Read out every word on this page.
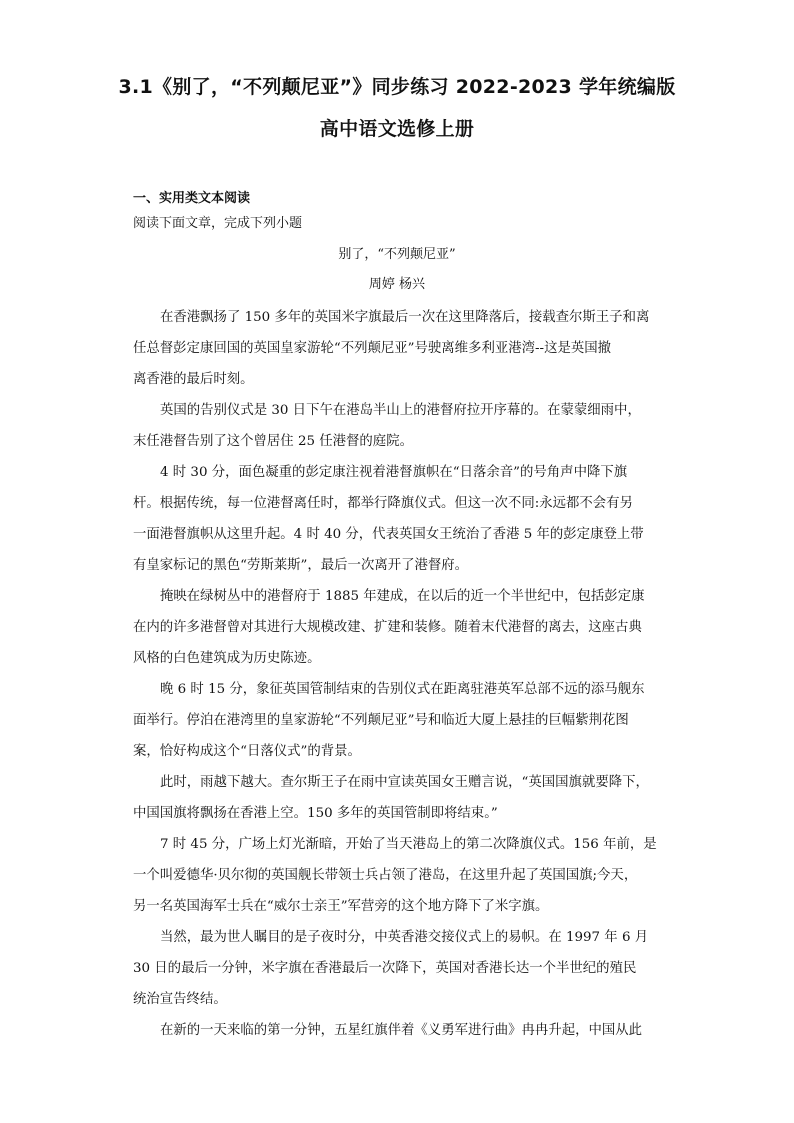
3.1《别了，“不列颠尼亚”》同步练习 2022-2023 学年统编版
高中语文选修上册
一、实用类文本阅读
阅读下面文章，完成下列小题
别了，“不列颠尼亚”
周婷 杨兴
在香港飘扬了 150 多年的英国米字旗最后一次在这里降落后，接载查尔斯王子和离
任总督彭定康回国的英国皇家游轮“不列颠尼亚”号驶离维多利亚港湾--这是英国撤
离香港的最后时刻。
英国的告别仪式是 30 日下午在港岛半山上的港督府拉开序幕的。在蒙蒙细雨中，
末任港督告别了这个曾居住 25 任港督的庭院。
4 时 30 分，面色凝重的彭定康注视着港督旗帜在“日落余音”的号角声中降下旗
杆。根据传统，每一位港督离任时，都举行降旗仪式。但这一次不同:永远都不会有另
一面港督旗帜从这里升起。4 时 40 分，代表英国女王统治了香港 5 年的彭定康登上带
有皇家标记的黑色“劳斯莱斯”，最后一次离开了港督府。
掩映在绿树丛中的港督府于 1885 年建成，在以后的近一个半世纪中，包括彭定康
在内的许多港督曾对其进行大规模改建、扩建和装修。随着末代港督的离去，这座古典
风格的白色建筑成为历史陈迹。
晚 6 时 15 分，象征英国管制结束的告别仪式在距离驻港英军总部不远的添马舰东
面举行。停泊在港湾里的皇家游轮“不列颠尼亚”号和临近大厦上悬挂的巨幅紫荆花图
案，恰好构成这个“日落仪式”的背景。
此时，雨越下越大。查尔斯王子在雨中宣读英国女王赠言说，“英国国旗就要降下，
中国国旗将飘扬在香港上空。150 多年的英国管制即将结束。”
7 时 45 分，广场上灯光渐暗，开始了当天港岛上的第二次降旗仪式。156 年前，是
一个叫爱德华·贝尔彻的英国舰长带领士兵占领了港岛，在这里升起了英国国旗;今天，
另一名英国海军士兵在“威尔士亲王”军营旁的这个地方降下了米字旗。
当然，最为世人瞩目的是子夜时分，中英香港交接仪式上的易帜。在 1997 年 6 月
30 日的最后一分钟，米字旗在香港最后一次降下，英国对香港长达一个半世纪的殖民
统治宣告终结。
在新的一天来临的第一分钟，五星红旗伴着《义勇军进行曲》冉冉升起，中国从此
